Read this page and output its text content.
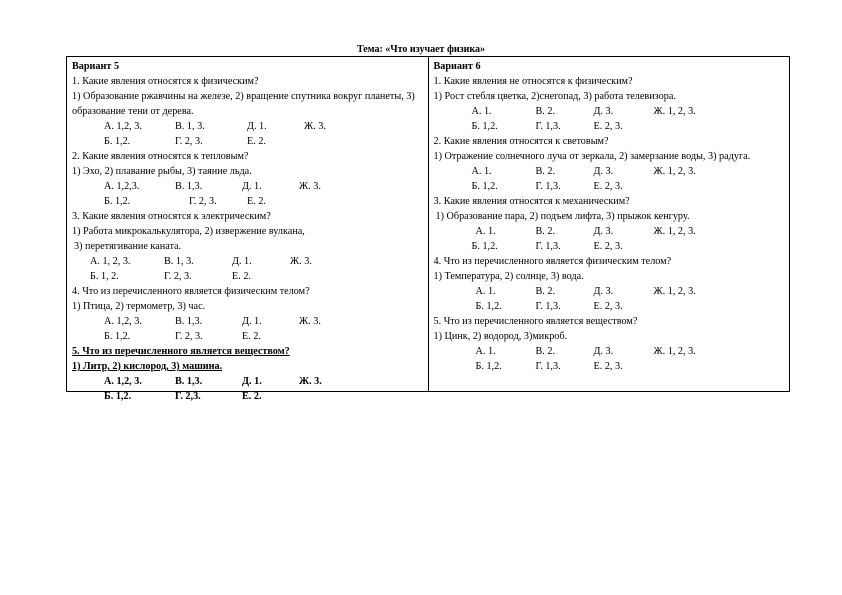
Тема: «Что изучает физика»
Вариант 5
1. Какие явления относятся к физическим?
1) Образование ржавчины на железе, 2) вращение спутника вокруг планеты, 3) образование тени от дерева.
А. 1,2, 3.	В. 1, 3.	Д. 1.	Ж. 3.
Б. 1,2.	Г. 2, 3.	Е. 2.
2. Какие явления относятся к тепловым?
1) Эхо, 2) плавание рыбы, 3) таяние льда.
А. 1,2,3.	В. 1,3.	Д. 1.	Ж. 3.
Б. 1,2.	Г. 2, 3.	Е. 2.
3. Какие явления относятся к электрическим?
1) Работа микрокалькулятора, 2) извержение вулкана,
3) перетягивание каната.
А. 1, 2, 3.	В. 1, 3.	Д. 1.	Ж. 3.
Б. 1, 2.	Г. 2, 3.	Е. 2.
4. Что из перечисленного является физическим телом?
1) Птица, 2) термометр, 3) час.
А. 1,2, 3.	В. 1,3.	Д. 1.	Ж. 3.
Б. 1,2.	Г. 2, 3.	Е. 2.
5. Что из перечисленного является веществом?
1) Литр, 2) кислород, 3) машина.
А. 1,2, 3.	В. 1,3.	Д. 1.	Ж. 3.
Б. 1,2.	Г. 2,3.	Е. 2.
Вариант 6
1. Какие явления не относятся к физическим?
1) Рост стебля цветка, 2)снегопад, 3) работа телевизора.
А. 1.	В. 2.	Д. 3.	Ж. 1, 2, 3.
Б. 1,2.	Г. 1,3.	Е. 2, 3.
2. Какие явления относятся к световым?
1) Отражение солнечного луча от зеркала, 2) замерзание воды, 3) радуга.
А. 1.	В. 2.	Д. 3.	Ж. 1, 2, 3.
Б. 1,2.	Г. 1,3.	Е. 2, 3.
3. Какие явления относятся к механическим?
1) Образование пара, 2) подъем лифта, 3) прыжок кенгуру.
А. 1.	В. 2.	Д. 3.	Ж. 1, 2, 3.
Б. 1,2.	Г. 1,3.	Е. 2, 3.
4. Что из перечисленного является физическим телом?
1) Температура, 2) солнце, 3) вода.
А. 1.	В. 2.	Д. 3.	Ж. 1, 2, 3.
Б. 1,2.	Г. 1,3.	Е. 2, 3.
5. Что из перечисленного является веществом?
1) Цинк, 2) водород, 3)микроб.
А. 1.	В. 2.	Д. 3.	Ж. 1, 2, 3.
Б. 1,2.	Г. 1,3.	Е. 2, 3.
